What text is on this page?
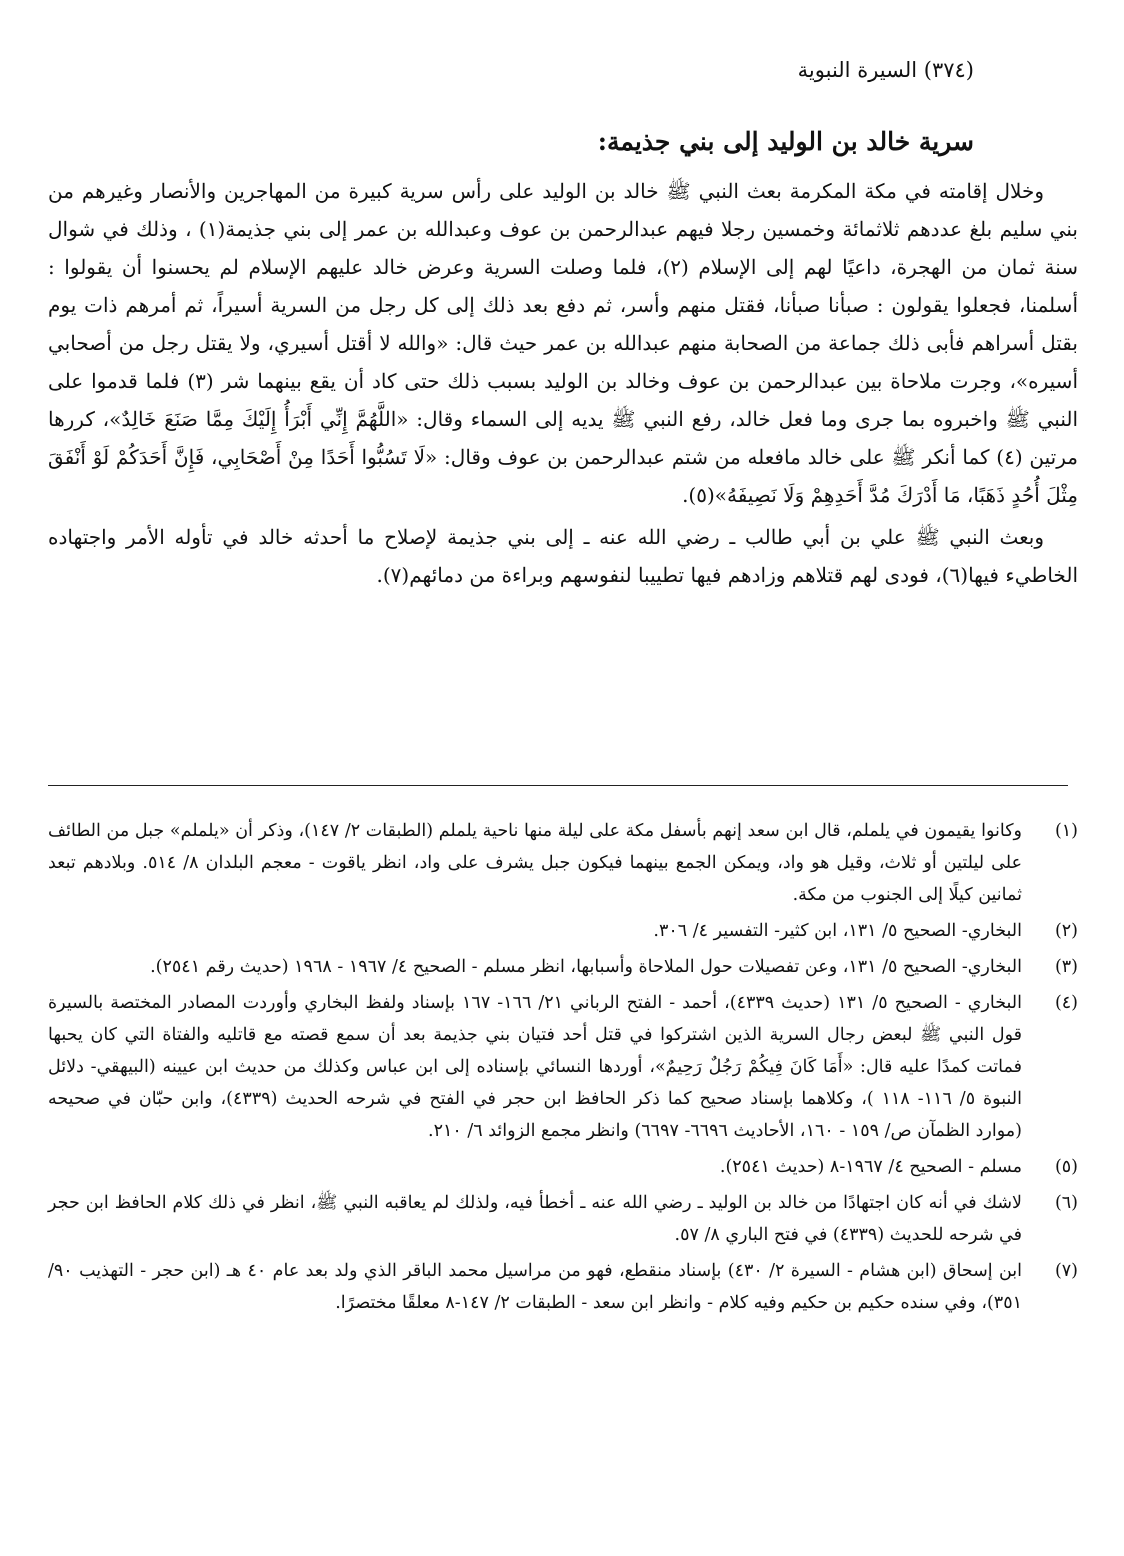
(٣٧٤) السيرة النبوية
سرية خالد بن الوليد إلى بني جذيمة:

وخلال إقامته في مكة المكرمة بعث النبي ﷺ خالد بن الوليد على رأس سرية كبيرة من المهاجرين والأنصار وغيرهم من بني سليم بلغ عددهم ثلاثمائة وخمسين رجلا فيهم عبدالرحمن بن عوف وعبدالله بن عمر إلى بني جذيمة(١) ، وذلك في شوال سنة ثمان من الهجرة، داعيًا لهم إلى الإسلام (٢)، فلما وصلت السرية وعرض خالد عليهم الإسلام لم يحسنوا أن يقولوا : أسلمنا، فجعلوا يقولون : صبأنا صبأنا، فقتل منهم وأسر، ثم دفع بعد ذلك إلى كل رجل من السرية أسيراً، ثم أمرهم ذات يوم بقتل أسراهم فأبى ذلك جماعة من الصحابة منهم عبدالله بن عمر حيث قال: «والله لا أقتل أسيري، ولا يقتل رجل من أصحابي أسيره»، وجرت ملاحاة بين عبدالرحمن بن عوف وخالد بن الوليد بسبب ذلك حتى كاد أن يقع بينهما شر (٣) فلما قدموا على النبي ﷺ واخبروه بما جرى وما فعل خالد، رفع النبي ﷺ يديه إلى السماء وقال: «اللَّهُمَّ إِنِّي أَبْرَأُ إِلَيْكَ مِمَّا صَنَعَ خَالِدٌ»، كررها مرتين (٤) كما أنكر ﷺ على خالد مافعله من شتم عبدالرحمن بن عوف وقال: «لَا تَسُبُّوا أَحَدًا مِنْ أَصْحَابِي، فَإِنَّ أَحَدَكُمْ لَوْ أَنْفَقَ مِثْلَ أُحُدٍ ذَهَبًا، مَا أَدْرَكَ مُدَّ أَحَدِهِمْ وَلَا نَصِيفَهُ»(٥).

وبعث النبي ﷺ علي بن أبي طالب ـ رضي الله عنه ـ إلى بني جذيمة لإصلاح ما أحدثه خالد في تأوله الأمر واجتهاده الخاطيء فيها(٦)، فودى لهم قتلاهم وزادهم فيها تطييبا لنفوسهم وبراءة من دمائهم(٧).

(١)
وكانوا يقيمون في يلملم، قال ابن سعد إنهم بأسفل مكة على ليلة منها ناحية يلملم (الطبقات ٢/ ١٤٧)، وذكر أن «يلملم» جبل من الطائف على ليلتين أو ثلاث، وقيل هو واد، ويمكن الجمع بينهما فيكون جبل يشرف على واد، انظر ياقوت - معجم البلدان ٨/ ٥١٤. وبلادهم تبعد ثمانين كيلًا إلى الجنوب من مكة.
(٢)
البخاري- الصحيح ٥/ ١٣١، ابن كثير- التفسير ٤/ ٣٠٦.
(٣)
البخاري- الصحيح ٥/ ١٣١، وعن تفصيلات حول الملاحاة وأسبابها، انظر مسلم - الصحيح ٤/ ١٩٦٧ - ١٩٦٨ (حديث رقم ٢٥٤١).
(٤)
البخاري - الصحيح ٥/ ١٣١ (حديث ٤٣٣٩)، أحمد - الفتح الرباني ٢١/ ١٦٦- ١٦٧ بإسناد ولفظ البخاري وأوردت المصادر المختصة بالسيرة قول النبي ﷺ لبعض رجال السرية الذين اشتركوا في قتل أحد فتيان بني جذيمة بعد أن سمع قصته مع قاتليه والفتاة التي كان يحبها فماتت كمدًا عليه قال: «أَمَا كَانَ فِيكُمْ رَجُلٌ رَحِيمٌ»، أوردها النسائي بإسناده إلى ابن عباس وكذلك من حديث ابن عيينه (البيهقي- دلائل النبوة ٥/ ١١٦- ١١٨ )، وكلاهما بإسناد صحيح كما ذكر الحافظ ابن حجر في الفتح في شرحه الحديث (٤٣٣٩)، وابن حبّان في صحيحه (موارد الظمآن ص/ ١٥٩ - ١٦٠، الأحاديث ٦٦٩٦- ٦٦٩٧) وانظر مجمع الزوائد ٦/ ٢١٠.
(٥)
مسلم - الصحيح ٤/ ١٩٦٧-٨ (حديث ٢٥٤١).
(٦)
لاشك في أنه كان اجتهادًا من خالد بن الوليد ـ رضي الله عنه ـ أخطأ فيه، ولذلك لم يعاقبه النبي ﷺ، انظر في ذلك كلام الحافظ ابن حجر في شرحه للحديث (٤٣٣٩) في فتح الباري ٨/ ٥٧.
(٧)
ابن إسحاق (ابن هشام - السيرة ٢/ ٤٣٠) بإسناد منقطع، فهو من مراسيل محمد الباقر الذي ولد بعد عام ٤٠ هـ (ابن حجر - التهذيب ٩٠/ ٣٥١)، وفي سنده حكيم بن حكيم وفيه كلام - وانظر ابن سعد - الطبقات ٢/ ١٤٧-٨ معلقًا مختصرًا.
